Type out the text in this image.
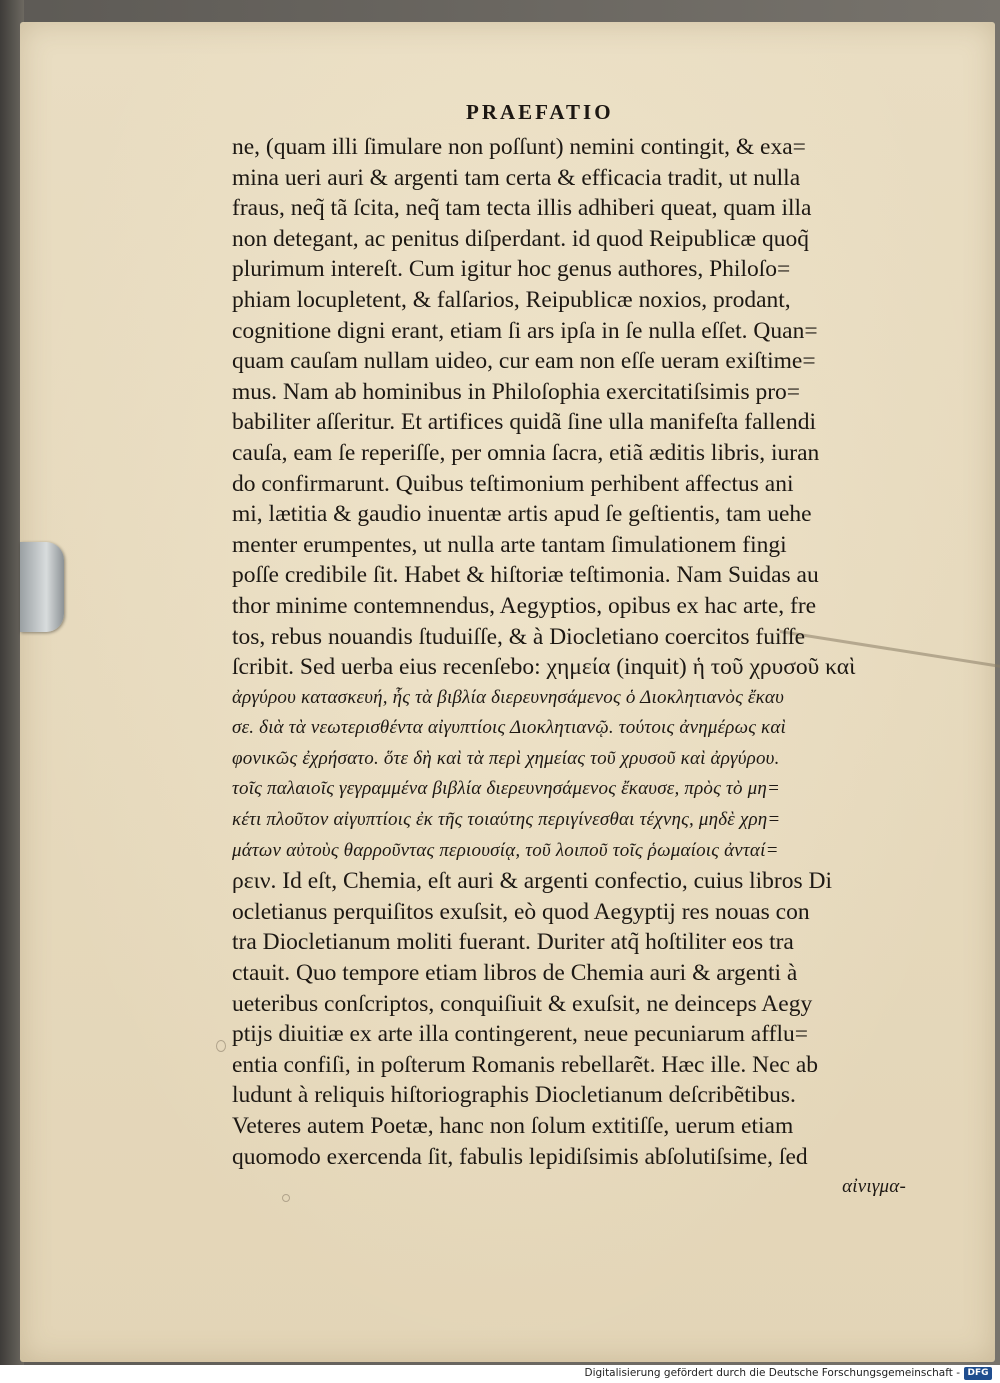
PRAEFATIO
ne, (quam illi ſimulare non poſſunt) nemini contingit, & exa=
mina ueri auri & argenti tam certa & efficacia tradit, ut nulla
fraus, neq̃ tã ſcita, neq̃ tam tecta illis adhiberi queat, quam illa
non detegant, ac penitus diſperdant. id quod Reipublicæ quoq̃
plurimum intereſt. Cum igitur hoc genus authores, Philoſo=
phiam locupletent, & falſarios, Reipublicæ noxios, prodant,
cognitione digni erant, etiam ſi ars ipſa in ſe nulla eſſet. Quan=
quam cauſam nullam uideo, cur eam non eſſe ueram exiſtime=
mus. Nam ab hominibus in Philoſophia exercitatiſsimis pro=
babiliter aſſeritur. Et artifices quidã ſine ulla manifeſta fallendi
cauſa, eam ſe reperiſſe, per omnia ſacra, etiã æditis libris, iuran
do confirmarunt. Quibus teſtimonium perhibent affectus ani
mi, lætitia & gaudio inuentæ artis apud ſe geſtientis, tam uehe
menter erumpentes, ut nulla arte tantam ſimulationem fingi
poſſe credibile ſit. Habet & hiſtoriæ teſtimonia. Nam Suidas au
thor minime contemnendus, Aegyptios, opibus ex hac arte, fre
tos, rebus nouandis ſtuduiſſe, & à Diocletiano coercitos fuiſſe
ſcribit. Sed uerba eius recenſebo: χημεία (inquit) ἡ τοῦ χρυσοῦ καὶ
ἀργύρου κατασκευή, ἧς τὰ βιβλία διερευνησάμενος ὁ Διοκλητιανὸς ἔκαυ
σε. διὰ τὰ νεωτερισθέντα αἰγυπτίοις Διοκλητιανῷ. τούτοις ἀνημέρως καὶ
φονικῶς ἐχρήσατο. ὅτε δὴ καὶ τὰ περὶ χημείας τοῦ χρυσοῦ καὶ ἀργύρου.
τοῖς παλαιοῖς γεγραμμένα βιβλία διερευνησάμενος ἔκαυσε, πρὸς τὸ μη=
κέτι πλοῦτον αἰγυπτίοις ἐκ τῆς τοιαύτης περιγίνεσθαι τέχνης, μηδὲ χρη=
μάτων αὐτοὺς θαρροῦντας περιουσίᾳ, τοῦ λοιποῦ τοῖς ῥωμαίοις ἀνταί=
ρειν. Id eſt, Chemia, eſt auri & argenti confectio, cuius libros Di
ocletianus perquiſitos exuſsit, eò quod Aegyptij res nouas con
tra Diocletianum moliti fuerant. Duriter atq̃ hoſtiliter eos tra
ctauit. Quo tempore etiam libros de Chemia auri & argenti à
ueteribus conſcriptos, conquiſiuit & exuſsit, ne deinceps Aegy
ptijs diuitiæ ex arte illa contingerent, neue pecuniarum afflu=
entia confiſi, in poſterum Romanis rebellarẽt. Hæc ille. Nec ab
ludunt à reliquis hiſtoriographis Diocletianum deſcribẽtibus.
Veteres autem Poetæ, hanc non ſolum extitiſſe, uerum etiam
quomodo exercenda ſit, fabulis lepidiſsimis abſolutiſsime, ſed
αἰνιγμα-
Digitalisierung gefördert durch die Deutsche Forschungsgemeinschaft - DFG
